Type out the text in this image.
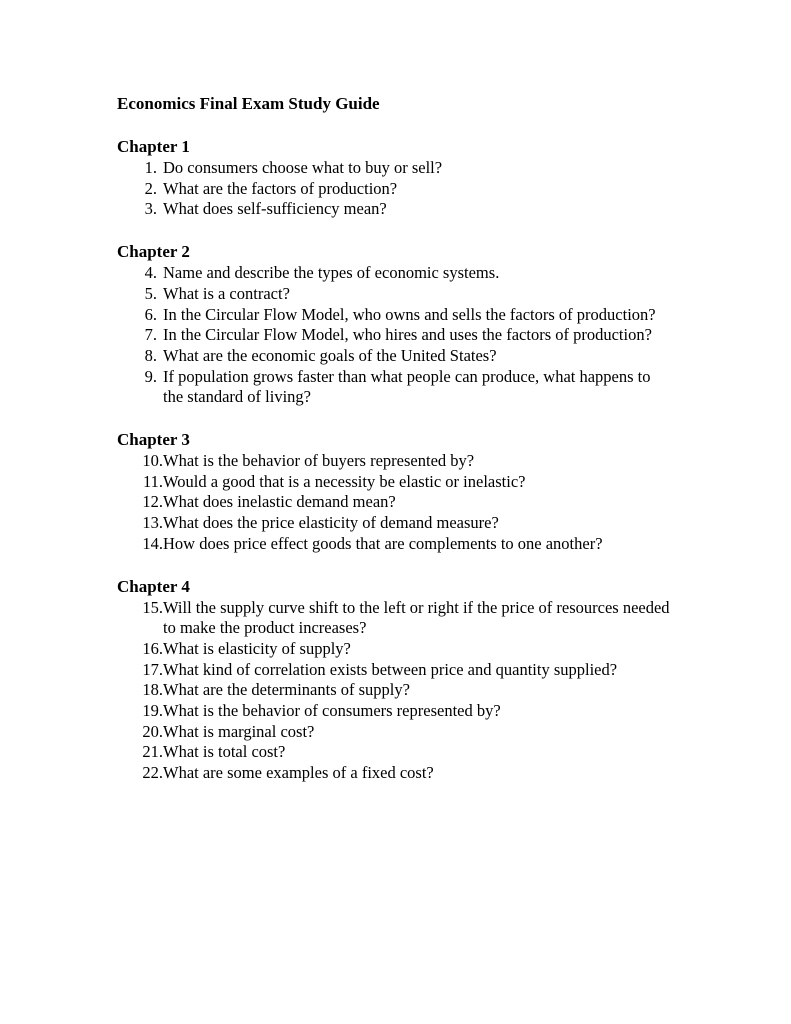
Economics Final Exam Study Guide
Chapter 1
1. Do consumers choose what to buy or sell?
2. What are the factors of production?
3. What does self-sufficiency mean?
Chapter 2
4. Name and describe the types of economic systems.
5. What is a contract?
6. In the Circular Flow Model, who owns and sells the factors of production?
7. In the Circular Flow Model, who hires and uses the factors of production?
8. What are the economic goals of the United States?
9. If population grows faster than what people can produce, what happens to the standard of living?
Chapter 3
10. What is the behavior of buyers represented by?
11. Would a good that is a necessity be elastic or inelastic?
12. What does inelastic demand mean?
13. What does the price elasticity of demand measure?
14. How does price effect goods that are complements to one another?
Chapter 4
15. Will the supply curve shift to the left or right if the price of resources needed to make the product increases?
16. What is elasticity of supply?
17. What kind of correlation exists between price and quantity supplied?
18. What are the determinants of supply?
19. What is the behavior of consumers represented by?
20. What is marginal cost?
21. What is total cost?
22. What are some examples of a fixed cost?
